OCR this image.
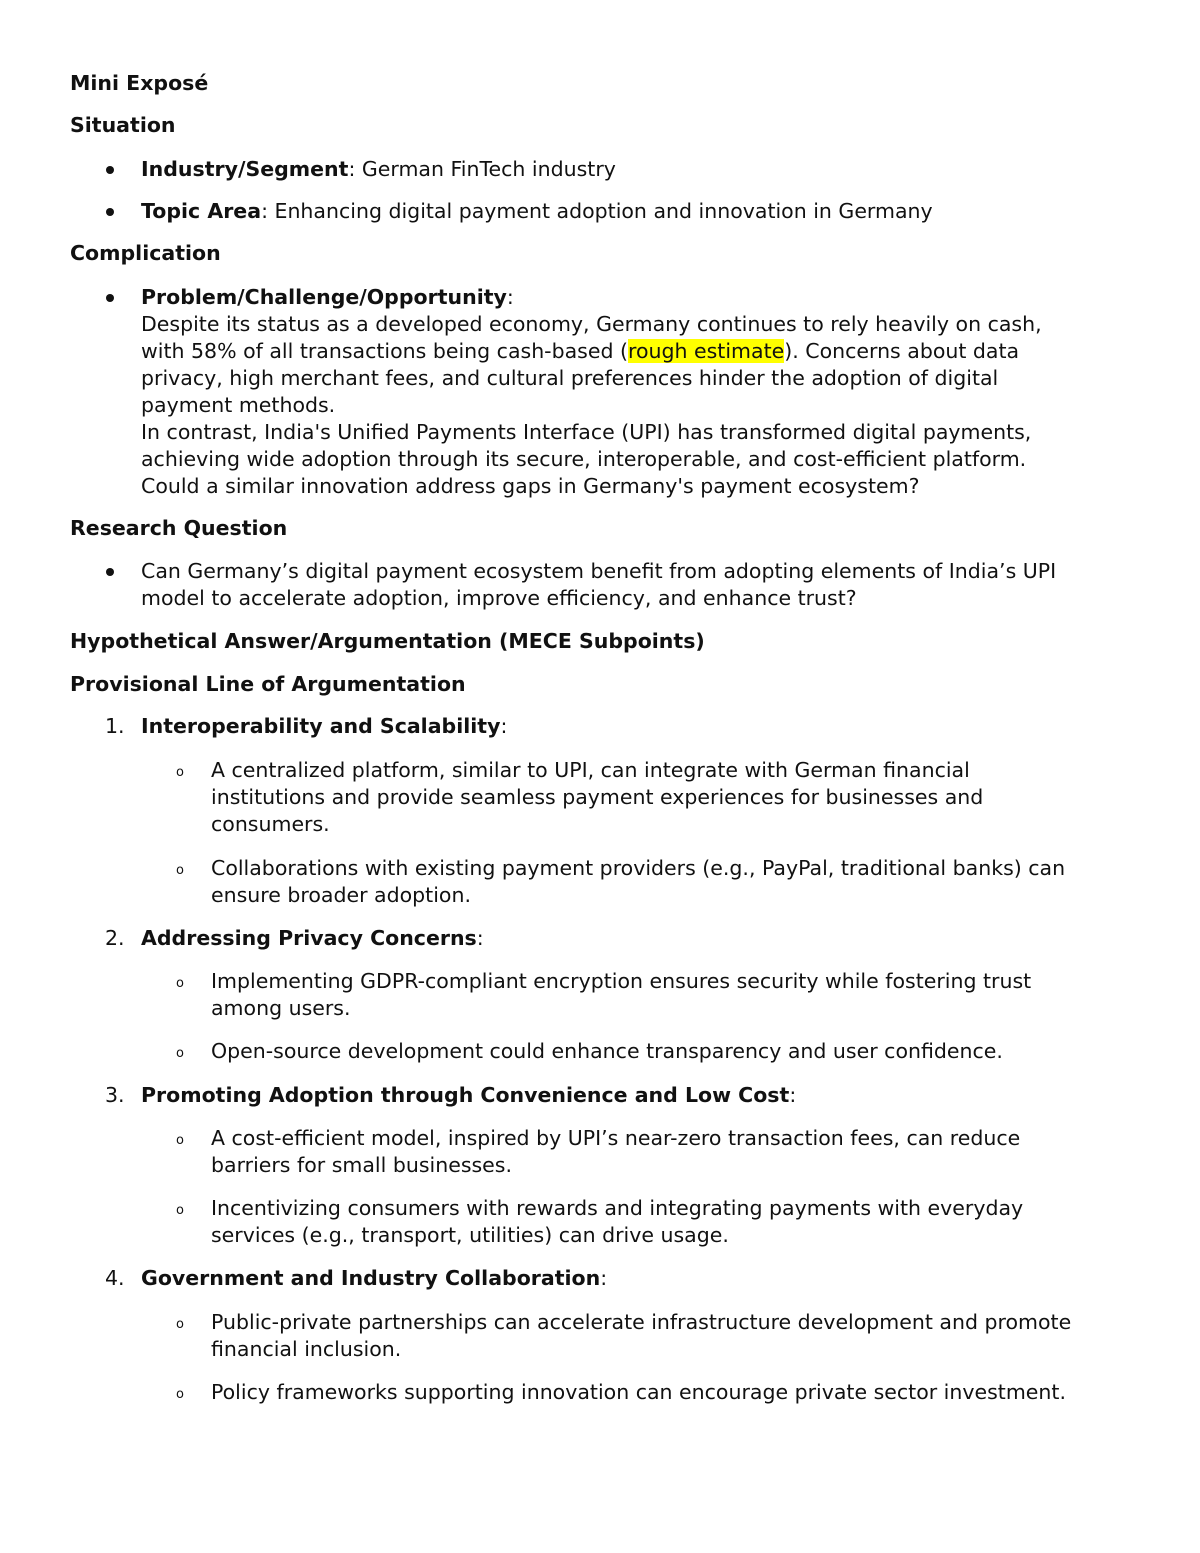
Mini Exposé
Situation
Industry/Segment: German FinTech industry
Topic Area: Enhancing digital payment adoption and innovation in Germany
Complication
Problem/Challenge/Opportunity:
Despite its status as a developed economy, Germany continues to rely heavily on cash,
with 58% of all transactions being cash-based (rough estimate). Concerns about data
privacy, high merchant fees, and cultural preferences hinder the adoption of digital
payment methods.
In contrast, India's Unified Payments Interface (UPI) has transformed digital payments,
achieving wide adoption through its secure, interoperable, and cost-efficient platform.
Could a similar innovation address gaps in Germany's payment ecosystem?
Research Question
Can Germany’s digital payment ecosystem benefit from adopting elements of India’s UPI
model to accelerate adoption, improve efficiency, and enhance trust?
Hypothetical Answer/Argumentation (MECE Subpoints)
Provisional Line of Argumentation
1. Interoperability and Scalability:
o A centralized platform, similar to UPI, can integrate with German financial
institutions and provide seamless payment experiences for businesses and
consumers.
o Collaborations with existing payment providers (e.g., PayPal, traditional banks) can
ensure broader adoption.
2. Addressing Privacy Concerns:
o Implementing GDPR-compliant encryption ensures security while fostering trust
among users.
o Open-source development could enhance transparency and user confidence.
3. Promoting Adoption through Convenience and Low Cost:
o A cost-efficient model, inspired by UPI’s near-zero transaction fees, can reduce
barriers for small businesses.
o Incentivizing consumers with rewards and integrating payments with everyday
services (e.g., transport, utilities) can drive usage.
4. Government and Industry Collaboration:
o Public-private partnerships can accelerate infrastructure development and promote
financial inclusion.
o Policy frameworks supporting innovation can encourage private sector investment.
